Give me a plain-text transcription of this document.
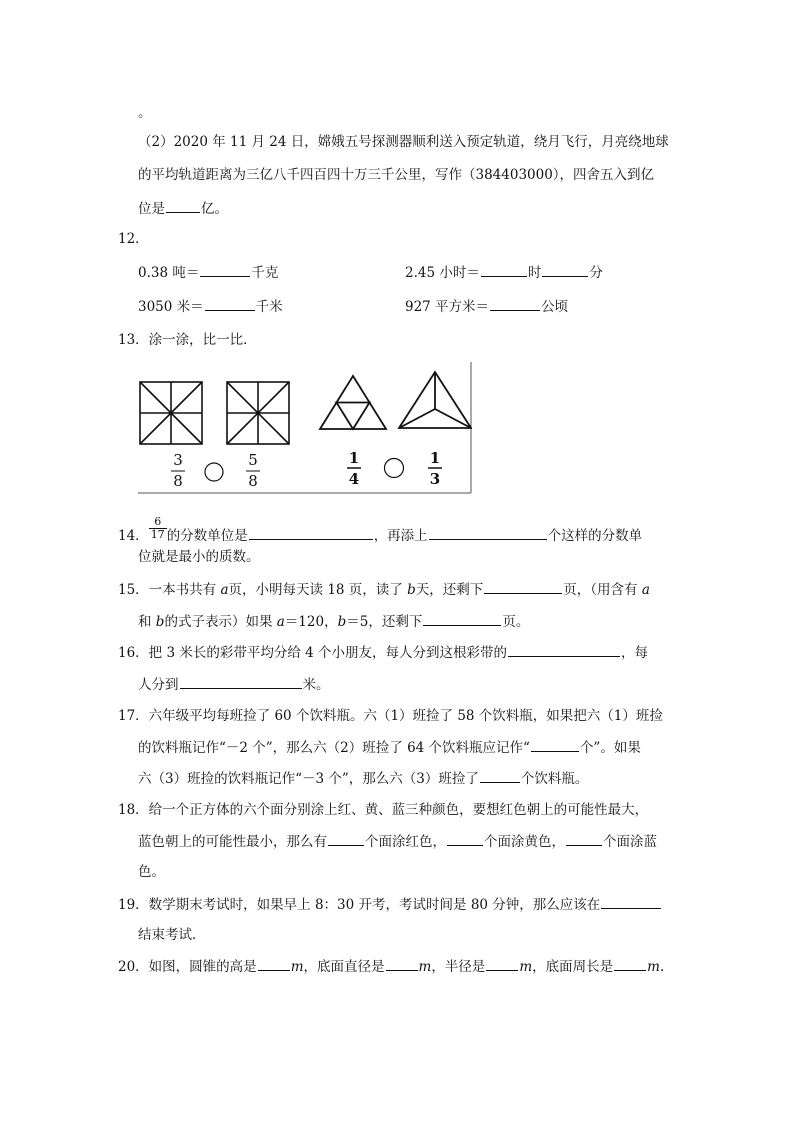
。
（2）2020 年 11 月 24 日，嫦娥五号探测器顺利送入预定轨道，绕月飞行，月亮绕地球
的平均轨道距离为三亿八千四百四十万三千公里，写作（384403000），四舍五入到亿
位是	亿。
12．
0.38 吨＝	千克	2.45 小时＝	时	分
3050 米＝	千米	927 平方米＝	公顷
13．涂一涂，比一比．
3
8
5
8
1
4
1
3
14． $\frac{6}{17}$ 的分数单位是	，再添上	个这样的分数单
位就是最小的质数。
15．一本书共有 a页，小明每天读 18 页，读了 b天，还剩下	页，（用含有 a
和 b的式子表示）如果 a＝120，b＝5，还剩下	页。
16．把 3 米长的彩带平均分给 4 个小朋友，每人分到这根彩带的	，每
人分到	米。
17．六年级平均每班捡了 60 个饮料瓶。六（1）班捡了 58 个饮料瓶，如果把六（1）班捡
的饮料瓶记作“－2 个”，那么六（2）班捡了 64 个饮料瓶应记作“	个”。如果
六（3）班捡的饮料瓶记作“－3 个”，那么六（3）班捡了	个饮料瓶。
18．给一个正方体的六个面分别涂上红、黄、蓝三种颜色，要想红色朝上的可能性最大，
蓝色朝上的可能性最小，那么有	个面涂红色，	个面涂黄色，	个面涂蓝
色。
19．数学期末考试时，如果早上 8：30 开考，考试时间是 80 分钟，那么应该在
结束考试．
20．如图，圆锥的高是	m，底面直径是	m，半径是	m，底面周长是	m.
